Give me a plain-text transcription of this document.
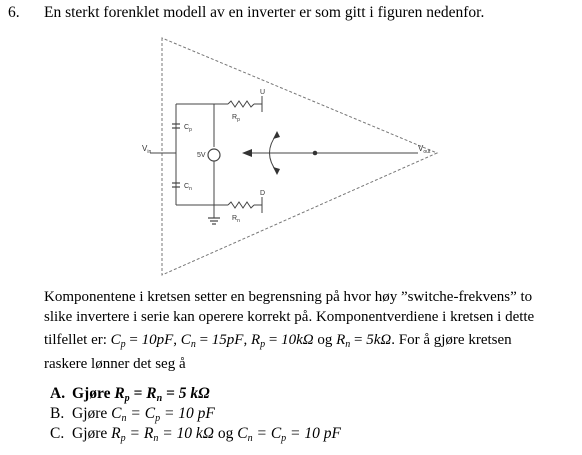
6. En sterkt forenklet modell av en inverter er som gitt i figuren nedenfor.
$V_{in}$	$V_{out}$
$C_p$
$C_n$
$R_p$
$R_n$
U
D
5V
Komponentene i kretsen setter en begrensning på hvor høy ”switche-frekvens” to
slike invertere i serie kan operere korrekt på. Komponentverdiene i kretsen i dette
tilfellet er: $C_p = 10pF$, $C_n = 15pF$, $R_p = 10k\Omega$ og $R_n = 5k\Omega$. For å gjøre kretsen
raskere lønner det seg å
A. Gjøre $R_p = R_n = 5$ kΩ
B. Gjøre $C_n = C_p = 10$ pF
C. Gjøre $R_p = R_n = 10$ kΩ og $C_n = C_p = 10$ pF
